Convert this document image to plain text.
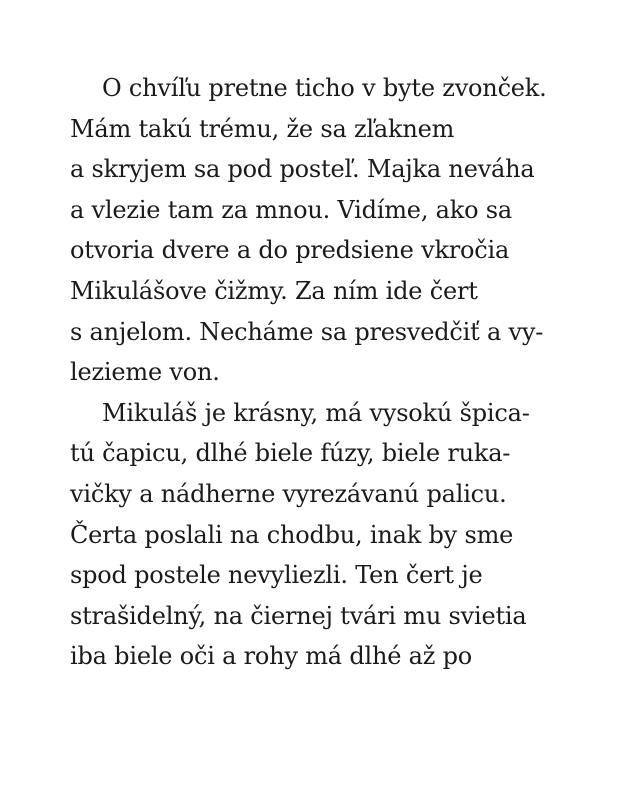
O chvíľu pretne ticho v byte zvonček.
Mám takú trému, že sa zľaknem
a skryjem sa pod posteľ. Majka neváha
a vlezie tam za mnou. Vidíme, ako sa
otvoria dvere a do predsiene vkročia
Mikulášove čižmy. Za ním ide čert
s anjelom. Necháme sa presvedčiť a vy-
lezieme von.
Mikuláš je krásny, má vysokú špica-
tú čapicu, dlhé biele fúzy, biele ruka-
vičky a nádherne vyrezávanú palicu.
Čerta poslali na chodbu, inak by sme
spod postele nevyliezli. Ten čert je
strašidelný, na čiernej tvári mu svietia
iba biele oči a rohy má dlhé až po
